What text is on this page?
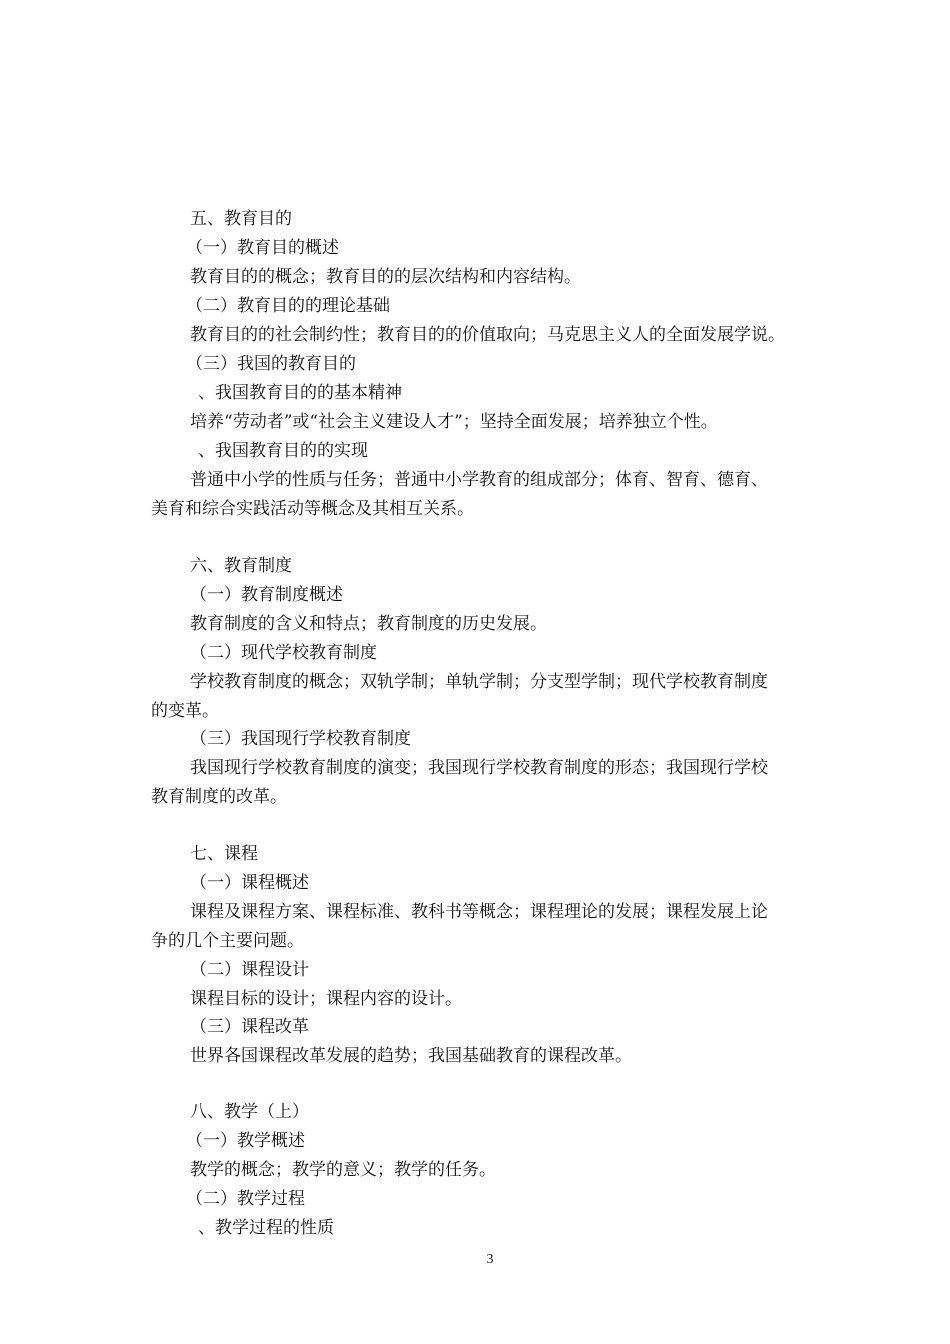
五、教育目的
（一）教育目的概述
教育目的的概念；教育目的的层次结构和内容结构。
（二）教育目的的理论基础
教育目的的社会制约性；教育目的的价值取向；马克思主义人的全面发展学说。
（三）我国的教育目的
、我国教育目的的基本精神
培养“劳动者”或“社会主义建设人才”；坚持全面发展；培养独立个性。
、我国教育目的的实现
普通中小学的性质与任务；普通中小学教育的组成部分；体育、智育、德育、
美育和综合实践活动等概念及其相互关系。
六、教育制度
（一）教育制度概述
教育制度的含义和特点；教育制度的历史发展。
（二）现代学校教育制度
学校教育制度的概念；双轨学制；单轨学制；分支型学制；现代学校教育制度
的变革。
（三）我国现行学校教育制度
我国现行学校教育制度的演变；我国现行学校教育制度的形态；我国现行学校
教育制度的改革。
七、课程
（一）课程概述
课程及课程方案、课程标准、教科书等概念；课程理论的发展；课程发展上论
争的几个主要问题。
（二）课程设计
课程目标的设计；课程内容的设计。
（三）课程改革
世界各国课程改革发展的趋势；我国基础教育的课程改革。
八、教学（上）
（一）教学概述
教学的概念；教学的意义；教学的任务。
（二）教学过程
、教学过程的性质
3
